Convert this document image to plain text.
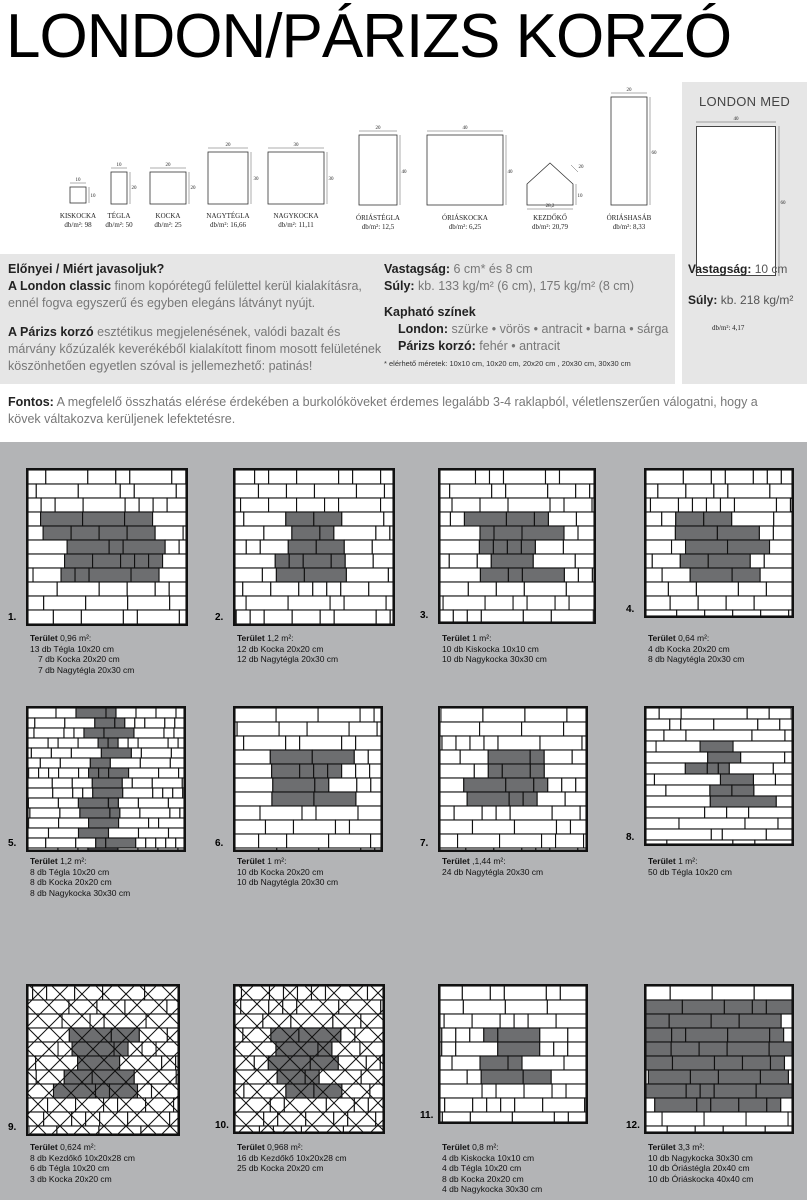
LONDON/PÁRIZS KORZÓ
10
10
10
20
20
20
20
30
30
30
20
40
40
40
28,2
10
20
20
60
KISKOCKA
db/m²: 98
TÉGLA
db/m²: 50
KOCKA
db/m²: 25
NAGYTÉGLA
db/m²: 16,66
NAGYKOCKA
db/m²: 11,11
ÓRIÁSTÉGLA
db/m²: 12,5
ÓRIÁSKOCKA
db/m²: 6,25
KEZDŐKŐ
db/m²: 20,79
ÓRIÁSHASÁB
db/m²: 8,33
LONDON MED
40
60
db/m²: 4,17
Vastagság: 10 cm
Súly: kb. 218 kg/m²
Előnyei / Miért javasoljuk?
A London classic finom kopórétegű felülettel kerül kialakításra, ennél fogva egyszerű és egyben elegáns látványt nyújt.
A Párizs korzó esztétikus megjelenésének, valódi bazalt és márvány kőzúzalék keverékéből kialakított finom mosott felületének köszönhetően egyetlen szóval is jellemezhető: patinás!
Vastagság: 6 cm* és 8 cm
Súly: kb. 133 kg/m² (6 cm), 175 kg/m² (8 cm)
Kapható színek
London: szürke • vörös • antracit • barna • sárga
Párizs korzó: fehér • antracit
* elérhető méretek: 10x10 cm, 10x20 cm, 20x20 cm , 20x30 cm, 30x30 cm
Fontos: A megfelelő összhatás elérése érdekében a burkolóköveket érdemes legalább 3-4 raklapból, véletlenszerűen válogatni, hogy a kövek váltakozva kerüljenek lefektetésre.
1.
Terület 0,96 m²:
13 db Tégla 10x20 cm
7 db Kocka 20x20 cm
7 db Nagytégla 20x30 cm
2.
Terület 1,2 m²:
12 db Kocka 20x20 cm
12 db Nagytégla 20x30 cm
3.
Terület 1 m²:
10 db Kiskocka 10x10 cm
10 db Nagykocka 30x30 cm
4.
Terület 0,64 m²:
4 db Kocka 20x20 cm
8 db Nagytégla 20x30 cm
5.
Terület 1,2 m²:
8 db Tégla 10x20 cm
8 db Kocka 20x20 cm
8 db Nagykocka 30x30 cm
6.
Terület 1 m²:
10 db Kocka 20x20 cm
10 db Nagytégla 20x30 cm
7.
Terület ,1,44 m²:
24 db Nagytégla 20x30 cm
8.
Terület 1 m²:
50 db Tégla 10x20 cm
9.
Terület 0,624 m²:
8 db Kezdőkő 10x20x28 cm
6 db Tégla 10x20 cm
3 db Kocka 20x20 cm
10.
Terület 0,968 m²:
16 db Kezdőkő 10x20x28 cm
25 db Kocka 20x20 cm
11.
Terület 0,8 m²:
4 db Kiskocka 10x10 cm
4 db Tégla 10x20 cm
8 db Kocka 20x20 cm
4 db Nagykocka 30x30 cm
12.
Terület 3,3 m²:
10 db Nagykocka 30x30 cm
10 db Óriástégla 20x40 cm
10 db Óriáskocka 40x40 cm
